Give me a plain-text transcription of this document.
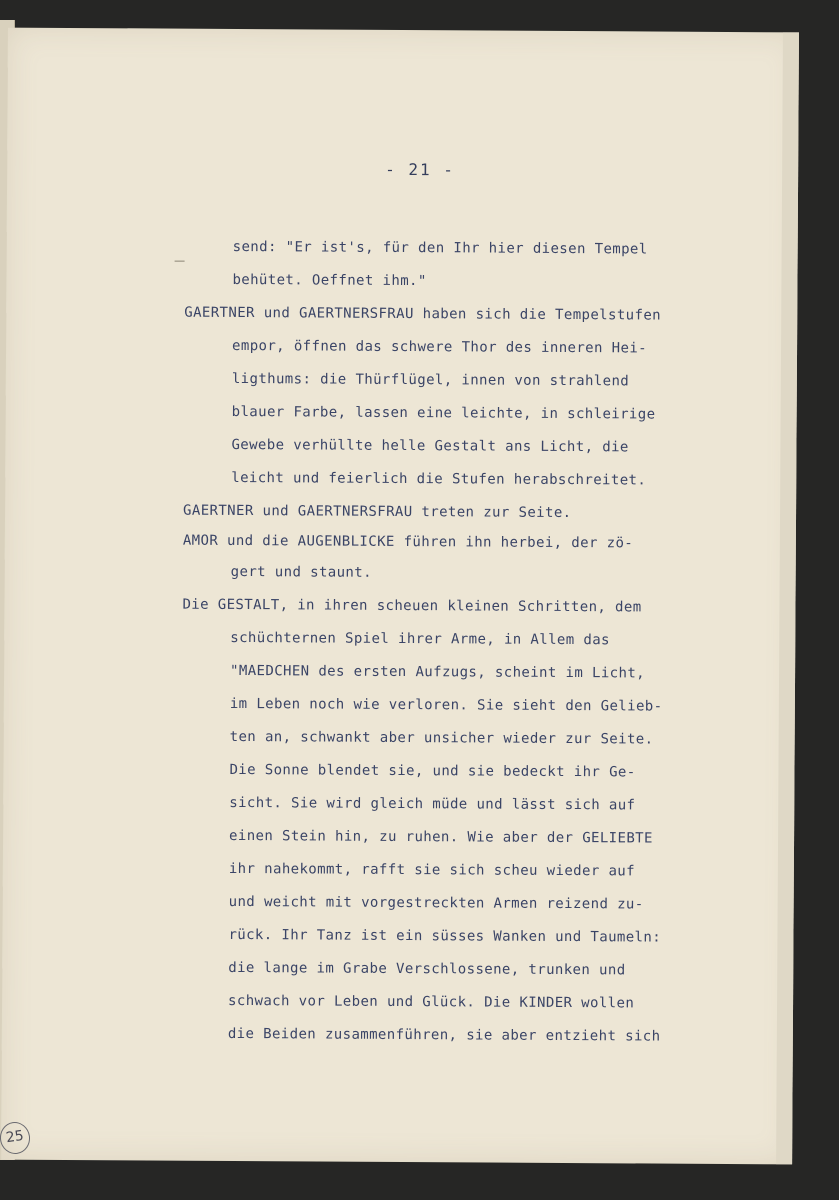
- 21 -
send: "Er ist's, für den Ihr hier diesen Tempel
behütet. Oeffnet ihm."
GAERTNER und GAERTNERSFRAU haben sich die Tempelstufen
empor, öffnen das schwere Thor des inneren Hei-
ligthums: die Thürflügel, innen von strahlend
blauer Farbe, lassen eine leichte, in schleirige
Gewebe verhüllte helle Gestalt ans Licht, die
leicht und feierlich die Stufen herabschreitet.
GAERTNER und GAERTNERSFRAU treten zur Seite.
AMOR und die AUGENBLICKE führen ihn herbei, der zö-
gert und staunt.
Die GESTALT, in ihren scheuen kleinen Schritten, dem
schüchternen Spiel ihrer Arme, in Allem das
"MAEDCHEN des ersten Aufzugs, scheint im Licht,
im Leben noch wie verloren. Sie sieht den Gelieb-
ten an, schwankt aber unsicher wieder zur Seite.
Die Sonne blendet sie, und sie bedeckt ihr Ge-
sicht. Sie wird gleich müde und lässt sich auf
einen Stein hin, zu ruhen. Wie aber der GELIEBTE
ihr nahekommt, rafft sie sich scheu wieder auf
und weicht mit vorgestreckten Armen reizend zu-
rück. Ihr Tanz ist ein süsses Wanken und Taumeln:
die lange im Grabe Verschlossene, trunken und
schwach vor Leben und Glück. Die KINDER wollen
die Beiden zusammenführen, sie aber entzieht sich
25
